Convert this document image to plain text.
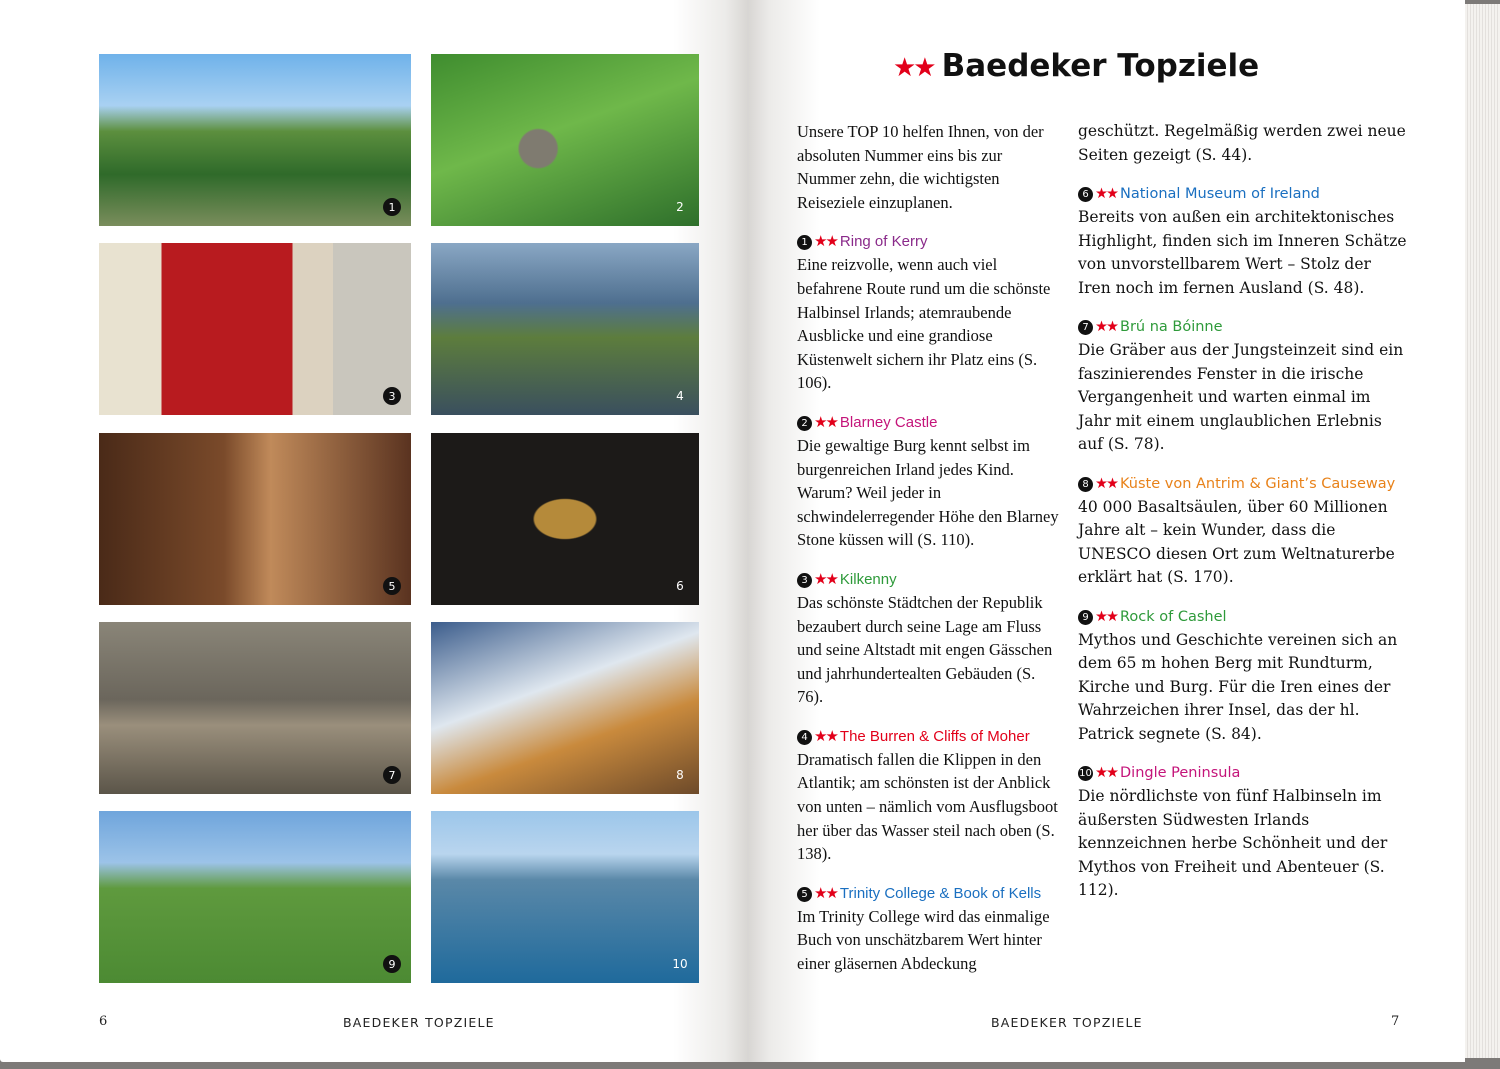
1	2
3	4
5	6
7	8
9	10
6	BAEDEKER TOPZIELE
★★ Baedeker Topziele

Unsere TOP 10 helfen Ihnen, von der absoluten Nummer eins bis zur Nummer zehn, die wichtigsten Reiseziele einzuplanen.

1 ★★ Ring of Kerry
Eine reizvolle, wenn auch viel befahrene Route rund um die schönste Halbinsel Irlands; atemraubende Ausblicke und eine grandiose Küstenwelt sichern ihr Platz eins (S. 106).
2 ★★ Blarney Castle
Die gewaltige Burg kennt selbst im burgenreichen Irland jedes Kind. Warum? Weil jeder in schwindelerregender Höhe den Blarney Stone küssen will (S. 110).
3 ★★ Kilkenny
Das schönste Städtchen der Republik bezaubert durch seine Lage am Fluss und seine Altstadt mit engen Gässchen und jahrhundertealten Gebäuden (S. 76).
4 ★★ The Burren & Cliffs of Moher
Dramatisch fallen die Klippen in den Atlantik; am schönsten ist der Anblick von unten – nämlich vom Ausflugsboot her über das Wasser steil nach oben (S. 138).
5 ★★ Trinity College & Book of Kells
Im Trinity College wird das einmalige Buch von unschätzbarem Wert hinter einer gläsernen Abdeckung

geschützt. Regelmäßig werden zwei neue Seiten gezeigt (S. 44).

6 ★★ National Museum of Ireland
Bereits von außen ein architektonisches Highlight, finden sich im Inneren Schätze von unvorstellbarem Wert – Stolz der Iren noch im fernen Ausland (S. 48).
7 ★★ Brú na Bóinne
Die Gräber aus der Jungsteinzeit sind ein faszinierendes Fenster in die irische Vergangenheit und warten einmal im Jahr mit einem unglaublichen Erlebnis auf (S. 78).
8 ★★ Küste von Antrim & Giant’s Causeway
40 000 Basaltsäulen, über 60 Millionen Jahre alt – kein Wunder, dass die UNESCO diesen Ort zum Weltnaturerbe erklärt hat (S. 170).
9 ★★ Rock of Cashel
Mythos und Geschichte vereinen sich an dem 65 m hohen Berg mit Rundturm, Kirche und Burg. Für die Iren eines der Wahrzeichen ihrer Insel, das der hl. Patrick segnete (S. 84).
10 ★★ Dingle Peninsula
Die nördlichste von fünf Halbinseln im äußersten Südwesten Irlands kennzeichnen herbe Schönheit und der Mythos von Freiheit und Abenteuer (S. 112).
BAEDEKER TOPZIELE	7
